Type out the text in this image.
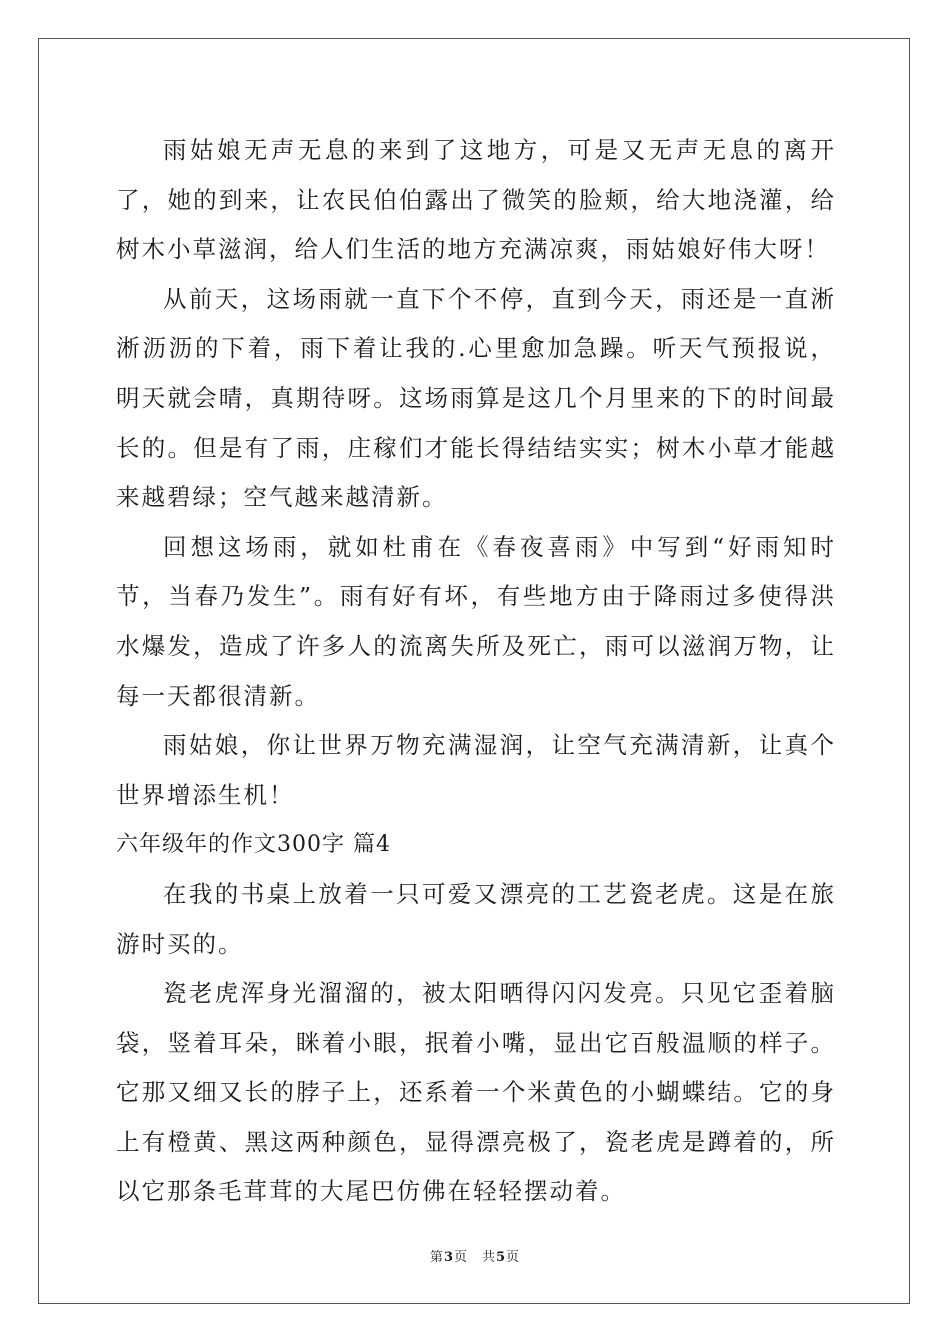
雨姑娘无声无息的来到了这地方，可是又无声无息的离开了，她的到来，让农民伯伯露出了微笑的脸颊，给大地浇灌，给树木小草滋润，给人们生活的地方充满凉爽，雨姑娘好伟大呀！

从前天，这场雨就一直下个不停，直到今天，雨还是一直淅淅沥沥的下着，雨下着让我的.心里愈加急躁。听天气预报说，明天就会晴，真期待呀。这场雨算是这几个月里来的下的时间最长的。但是有了雨，庄稼们才能长得结结实实；树木小草才能越来越碧绿；空气越来越清新。

回想这场雨，就如杜甫在《春夜喜雨》中写到“好雨知时节，当春乃发生”。雨有好有坏，有些地方由于降雨过多使得洪水爆发，造成了许多人的流离失所及死亡，雨可以滋润万物，让每一天都很清新。

雨姑娘，你让世界万物充满湿润，让空气充满清新，让真个世界增添生机！

六年级年的作文300字 篇4

在我的书桌上放着一只可爱又漂亮的工艺瓷老虎。这是在旅游时买的。

瓷老虎浑身光溜溜的，被太阳晒得闪闪发亮。只见它歪着脑袋，竖着耳朵，眯着小眼，抿着小嘴，显出它百般温顺的样子。它那又细又长的脖子上，还系着一个米黄色的小蝴蝶结。它的身上有橙黄、黑这两种颜色，显得漂亮极了，瓷老虎是蹲着的，所以它那条毛茸茸的大尾巴仿佛在轻轻摆动着。

第3页　共5页
